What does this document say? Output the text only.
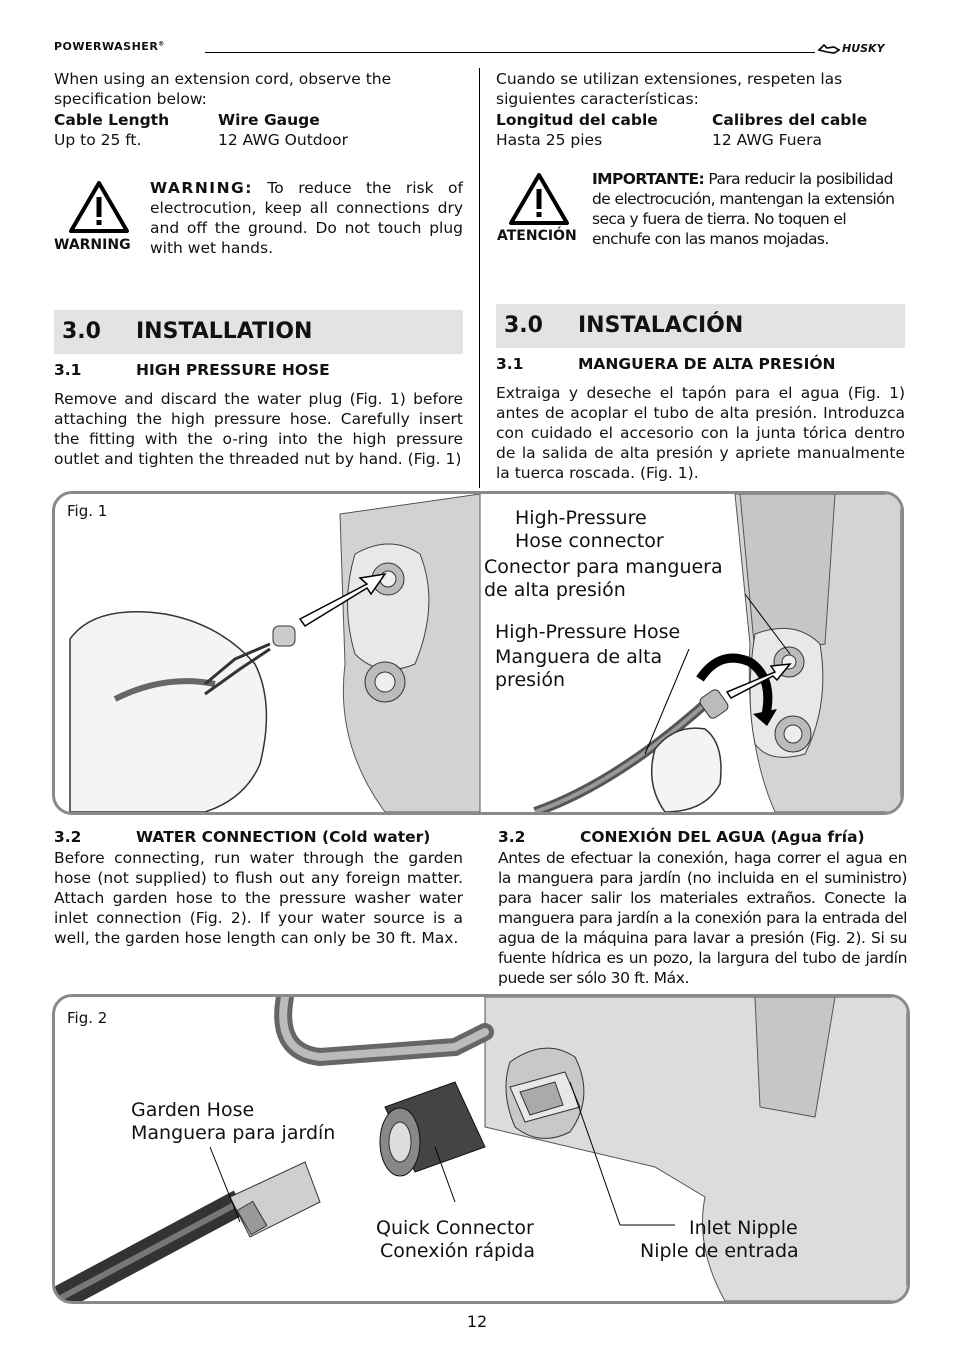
POWERWASHER®	HUSKY
When using an extension cord, observe the specification below:
Cable Length	Wire Gauge
Up to 25 ft.	12 AWG Outdoor
WARNING
WARNING: To reduce the risk of electrocution, keep all connections dry and off the ground. Do not touch plug with wet hands.
3.0 INSTALLATION
3.1	HIGH PRESSURE HOSE
Remove and discard the water plug (Fig. 1) before attaching the high pressure hose. Carefully insert the fitting with the o-ring into the high pressure outlet and tighten the threaded nut by hand. (Fig. 1)
Cuando se utilizan extensiones, respeten las siguientes características:
Longitud del cable	Calibres del cable
Hasta 25 pies	12 AWG Fuera
ATENCIÓN
IMPORTANTE: Para reducir la posibilidad de electrocución, mantengan la extensión seca y fuera de tierra. No toquen el enchufe con las manos mojadas.
3.0 INSTALACIÓN
3.1	MANGUERA DE ALTA PRESIÓN
Extraiga y deseche el tapón para el agua (Fig. 1) antes de acoplar el tubo de alta presión. Introduzca con cuidado el accesorio con la junta tórica dentro de la salida de alta presión y apriete manualmente la tuerca roscada. (Fig. 1).
Fig. 1	High-Pressure
Hose connector
Conector para manguera
de alta presión
High-Pressure Hose
Manguera de alta
presión
3.2	WATER CONNECTION (Cold water)
Before connecting, run water through the garden hose (not supplied) to flush out any foreign matter. Attach garden hose to the pressure washer water inlet connection (Fig. 2). If your water source is a well, the garden hose length can only be 30 ft. Max.
3.2	CONEXIÓN DEL AGUA (Agua fría)
Antes de efectuar la conexión, haga correr el agua en la manguera para jardín (no incluida en el suministro) para hacer salir los materiales extraños. Conecte la manguera para jardín a la conexión para la entrada del agua de la máquina para lavar a presión (Fig. 2). Si su fuente hídrica es un pozo, la largura del tubo de jardín puede ser sólo 30 ft. Máx.
Fig. 2
Garden Hose
Manguera para jardín
Quick Connector
Conexión rápida
Inlet Nipple
Niple de entrada
12
